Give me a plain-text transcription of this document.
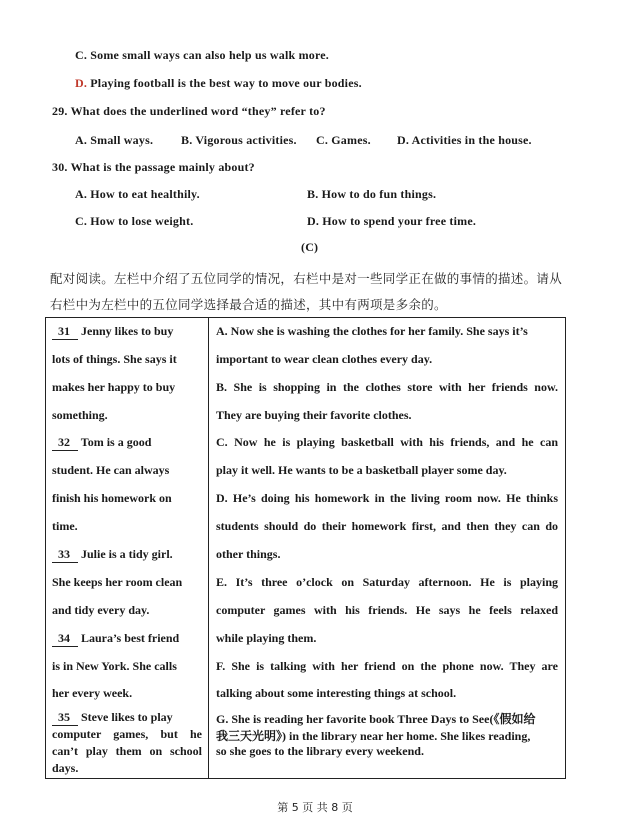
C. Some small ways can also help us walk more.
D. Playing football is the best way to move our bodies.
29. What does the underlined word “they” refer to?
A. Small ways. B. Vigorous activities. C. Games. D. Activities in the house.
30. What is the passage mainly about?
A. How to eat healthily.	B. How to do fun things.
C. How to lose weight.	D. How to spend your free time.
(C)
配对阅读。左栏中介绍了五位同学的情况，右栏中是对一些同学正在做的事情的描述。请从
右栏中为左栏中的五位同学选择最合适的描述，其中有两项是多余的。
31 Jenny likes to buy
lots of things. She says it
makes her happy to buy
something.
32 Tom is a good
student. He can always
finish his homework on
time.
33 Julie is a tidy girl.
She keeps her room clean
and tidy every day.
34 Laura’s best friend
is in New York. She calls
her every week.
35 Steve likes to play
computer games, but he
can’t play them on school
days.
A. Now she is washing the clothes for her family. She says it’s
important to wear clean clothes every day.
B. She is shopping in the clothes store with her friends now.
They are buying their favorite clothes.
C. Now he is playing basketball with his friends, and he can
play it well. He wants to be a basketball player some day.
D. He’s doing his homework in the living room now. He thinks
students should do their homework first, and then they can do
other things.
E. It’s three o’clock on Saturday afternoon. He is playing
computer games with his friends. He says he feels relaxed
while playing them.
F. She is talking with her friend on the phone now. They are
talking about some interesting things at school.
G. She is reading her favorite book Three Days to See(《假如给
我三天光明》) in the library near her home. She likes reading,
so she goes to the library every weekend.
第 5 页 共 8 页
